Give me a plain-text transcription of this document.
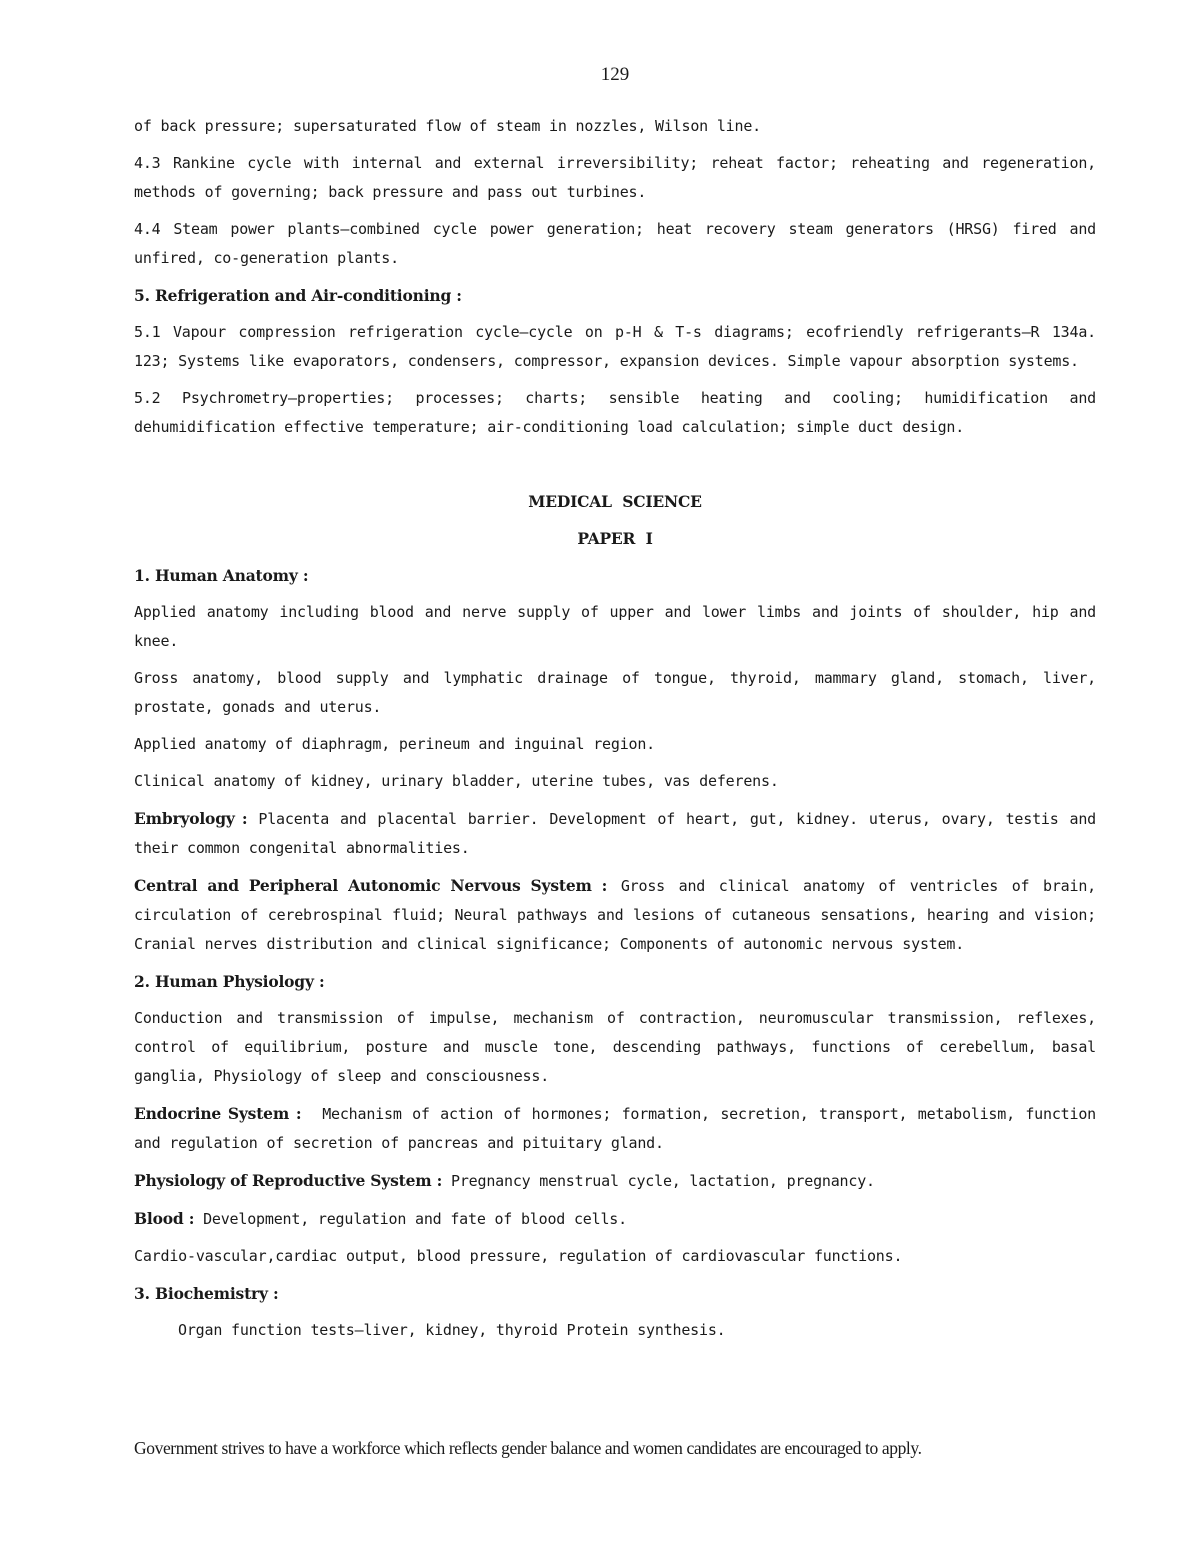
129

of back pressure; supersaturated flow of steam in nozzles, Wilson line.

4.3 Rankine cycle with internal and external irreversibility; reheat factor; reheating and regeneration, methods of governing; back pressure and pass out turbines.

4.4 Steam power plants—combined cycle power generation; heat recovery steam generators (HRSG) fired and unfired, co-generation plants.

5. Refrigeration and Air-conditioning :

5.1 Vapour compression refrigeration cycle—cycle on p-H & T-s diagrams; ecofriendly refrigerants—R 134a. 123; Systems like evaporators, condensers, compressor, expansion devices. Simple vapour absorption systems.

5.2 Psychrometry—properties; processes; charts; sensible heating and cooling; humidification and dehumidification effective temperature; air-conditioning load calculation; simple duct design.

MEDICAL  SCIENCE
PAPER  I
1. Human Anatomy :

Applied anatomy including blood and nerve supply of upper and lower limbs and joints of shoulder, hip and knee.

Gross anatomy, blood supply and lymphatic drainage of tongue, thyroid, mammary gland, stomach, liver, prostate, gonads and uterus.

Applied anatomy of diaphragm, perineum and inguinal region.

Clinical anatomy of kidney, urinary bladder, uterine tubes, vas deferens.

Embryology : Placenta and placental barrier. Development of heart, gut, kidney. uterus, ovary, testis and their common congenital abnormalities.

Central and Peripheral Autonomic Nervous System : Gross and clinical anatomy of ventricles of brain, circulation of cerebrospinal fluid; Neural pathways and lesions of cutaneous sensations, hearing and vision; Cranial nerves distribution and clinical significance; Components of autonomic nervous system.

2. Human Physiology :

Conduction and transmission of impulse, mechanism of contraction, neuromuscular transmission, reflexes, control of equilibrium, posture and muscle tone, descending pathways, functions of cerebellum, basal ganglia, Physiology of sleep and consciousness.

Endocrine System :  Mechanism of action of hormones; formation, secretion, transport, metabolism, function and regulation of secretion of pancreas and pituitary gland.

Physiology of Reproductive System : Pregnancy menstrual cycle, lactation, pregnancy.

Blood : Development, regulation and fate of blood cells.

Cardio-vascular,cardiac output, blood pressure, regulation of cardiovascular functions.

3. Biochemistry :

Organ function tests—liver, kidney, thyroid Protein synthesis.

Government strives to have a workforce which reflects gender balance and women candidates are encouraged to apply.
